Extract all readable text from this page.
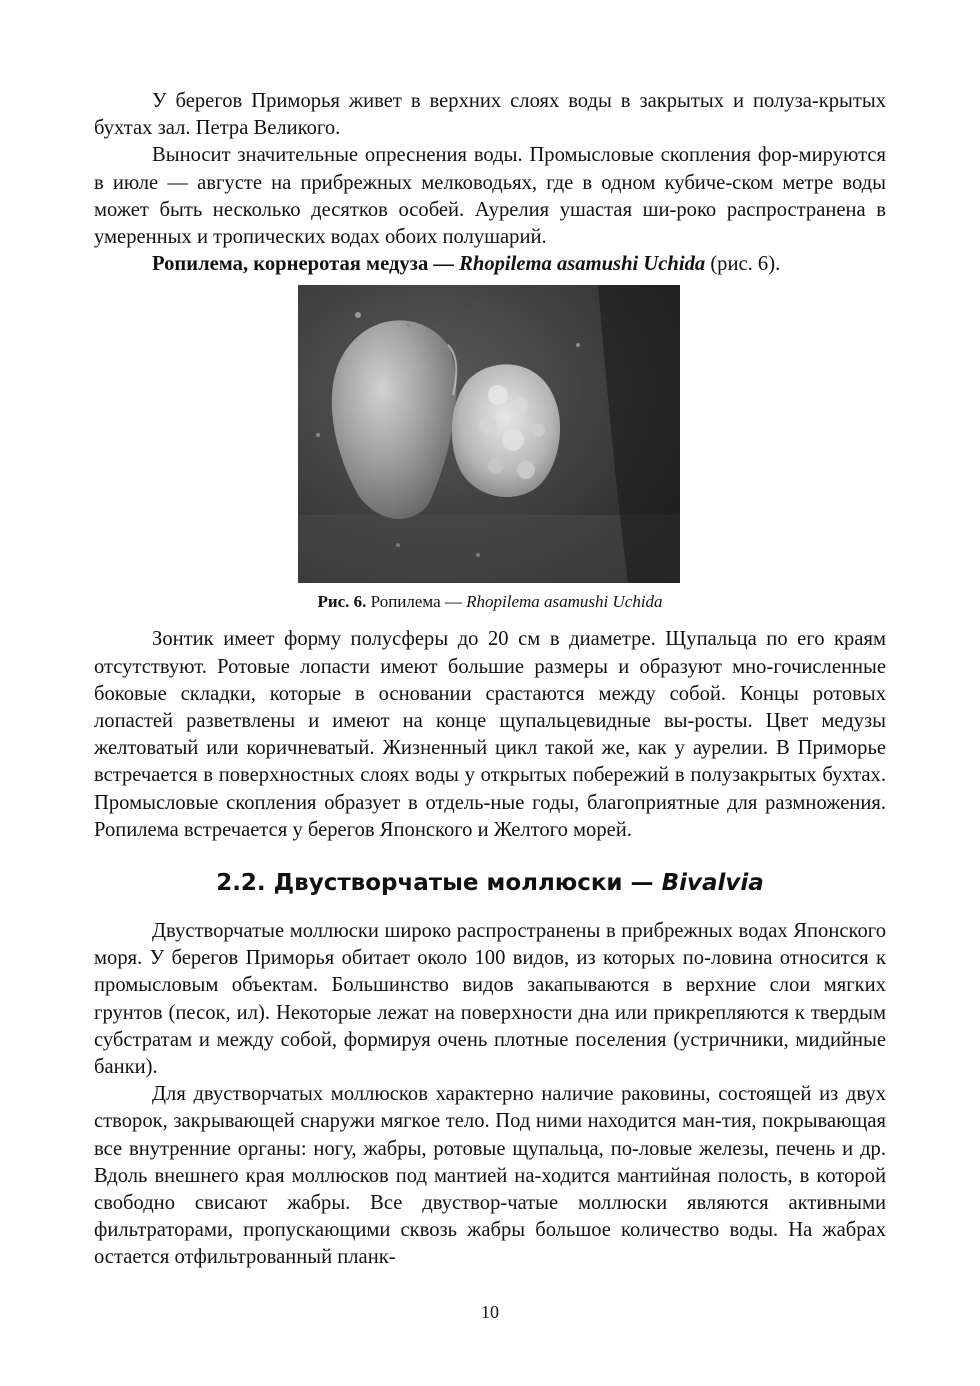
У берегов Приморья живет в верхних слоях воды в закрытых и полуза-крытых бухтах зал. Петра Великого.

Выносит значительные опреснения воды. Промысловые скопления фор-мируются в июле — августе на прибрежных мелководьях, где в одном кубиче-ском метре воды может быть несколько десятков особей. Аурелия ушастая ши-роко распространена в умеренных и тропических водах обоих полушарий.

Ропилема, корнеротая медуза — Rhopilema asamushi Uchida (рис. 6).

Рис. 6. Ропилема — Rhopilema asamushi Uchida

Зонтик имеет форму полусферы до 20 см в диаметре. Щупальца по его краям отсутствуют. Ротовые лопасти имеют большие размеры и образуют мно-гочисленные боковые складки, которые в основании срастаются между собой. Концы ротовых лопастей разветвлены и имеют на конце щупальцевидные вы-росты. Цвет медузы желтоватый или коричневатый. Жизненный цикл такой же, как у аурелии. В Приморье встречается в поверхностных слоях воды у открытых побережий в полузакрытых бухтах. Промысловые скопления образует в отдель-ные годы, благоприятные для размножения. Ропилема встречается у берегов Японского и Желтого морей.

2.2. Двустворчатые моллюски — Bivalvia

Двустворчатые моллюски широко распространены в прибрежных водах Японского моря. У берегов Приморья обитает около 100 видов, из которых по-ловина относится к промысловым объектам. Большинство видов закапываются в верхние слои мягких грунтов (песок, ил). Некоторые лежат на поверхности дна или прикрепляются к твердым субстратам и между собой, формируя очень плотные поселения (устричники, мидийные банки).

Для двустворчатых моллюсков характерно наличие раковины, состоящей из двух створок, закрывающей снаружи мягкое тело. Под ними находится ман-тия, покрывающая все внутренние органы: ногу, жабры, ротовые щупальца, по-ловые железы, печень и др. Вдоль внешнего края моллюсков под мантией на-ходится мантийная полость, в которой свободно свисают жабры. Все двуствор-чатые моллюски являются активными фильтраторами, пропускающими сквозь жабры большое количество воды. На жабрах остается отфильтрованный планк-

10
